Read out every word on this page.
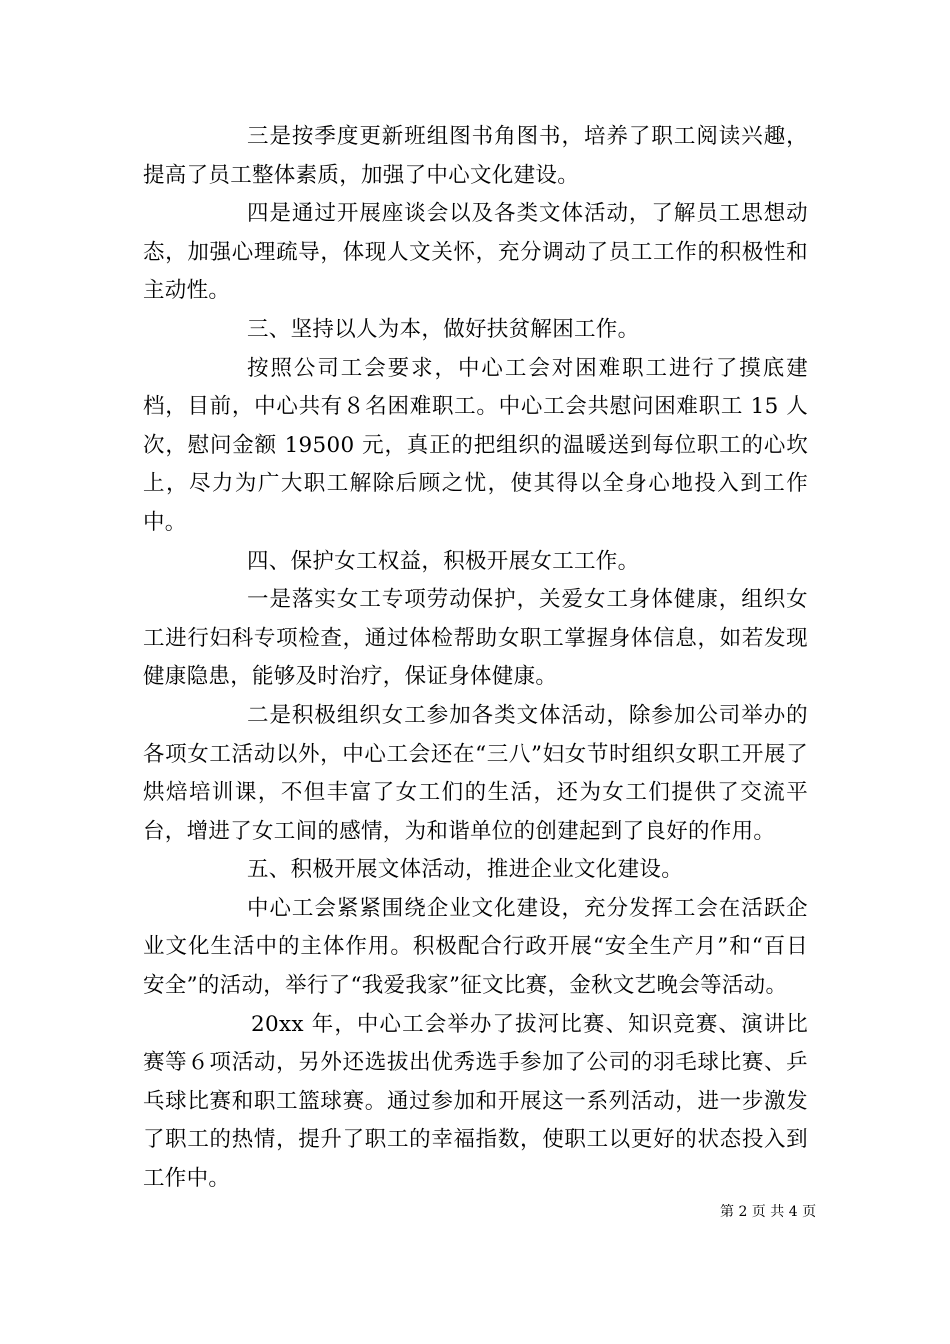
三是按季度更新班组图书角图书，培养了职工阅读兴趣，提高了员工整体素质，加强了中心文化建设。

四是通过开展座谈会以及各类文体活动，了解员工思想动态，加强心理疏导，体现人文关怀，充分调动了员工工作的积极性和主动性。

三、坚持以人为本，做好扶贫解困工作。

按照公司工会要求，中心工会对困难职工进行了摸底建档，目前，中心共有８名困难职工。中心工会共慰问困难职工 15 人次，慰问金额 19500 元，真正的把组织的温暖送到每位职工的心坎上，尽力为广大职工解除后顾之忧，使其得以全身心地投入到工作中。

四、保护女工权益，积极开展女工工作。

一是落实女工专项劳动保护，关爱女工身体健康，组织女工进行妇科专项检查，通过体检帮助女职工掌握身体信息，如若发现健康隐患，能够及时治疗，保证身体健康。

二是积极组织女工参加各类文体活动，除参加公司举办的各项女工活动以外，中心工会还在“三八”妇女节时组织女职工开展了烘焙培训课，不但丰富了女工们的生活，还为女工们提供了交流平台，增进了女工间的感情，为和谐单位的创建起到了良好的作用。

五、积极开展文体活动，推进企业文化建设。

中心工会紧紧围绕企业文化建设，充分发挥工会在活跃企业文化生活中的主体作用。积极配合行政开展“安全生产月”和“百日安全”的活动，举行了“我爱我家”征文比赛，金秋文艺晚会等活动。

20xx 年，中心工会举办了拔河比赛、知识竞赛、演讲比赛等６项活动，另外还选拔出优秀选手参加了公司的羽毛球比赛、乒乓球比赛和职工篮球赛。通过参加和开展这一系列活动，进一步激发了职工的热情，提升了职工的幸福指数，使职工以更好的状态投入到工作中。

第 2 页 共 4 页
